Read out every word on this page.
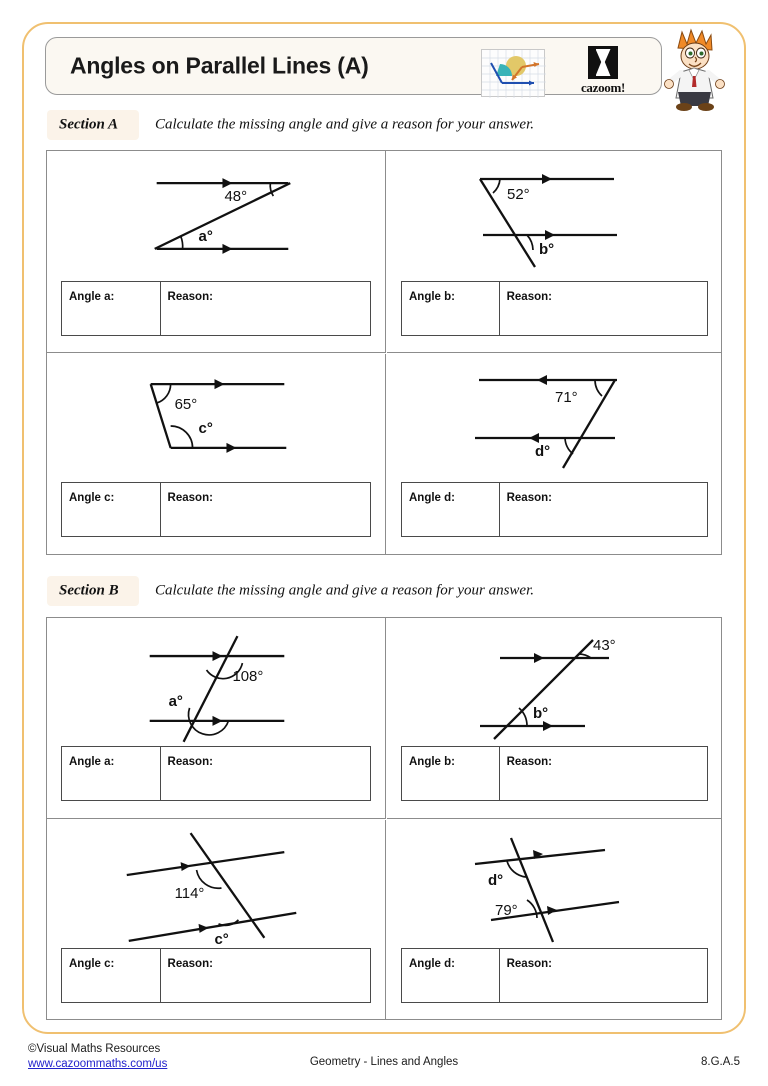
Angles on Parallel Lines (A)
cazoom!
Section A Calculate the missing angle and give a reason for your answer.
48°
a°
Angle a:	Reason:
52°
b°
Angle b:	Reason:
65°
c°
Angle c:	Reason:
71°
d°
Angle d:	Reason:
Section B Calculate the missing angle and give a reason for your answer.
108°
a°
Angle a:	Reason:
43°
b°
Angle b:	Reason:
114°
c°
Angle c:	Reason:
d°
79°
Angle d:	Reason:
©Visual Maths Resources
www.cazoommaths.com/us	Geometry - Lines and Angles	8.G.A.5
